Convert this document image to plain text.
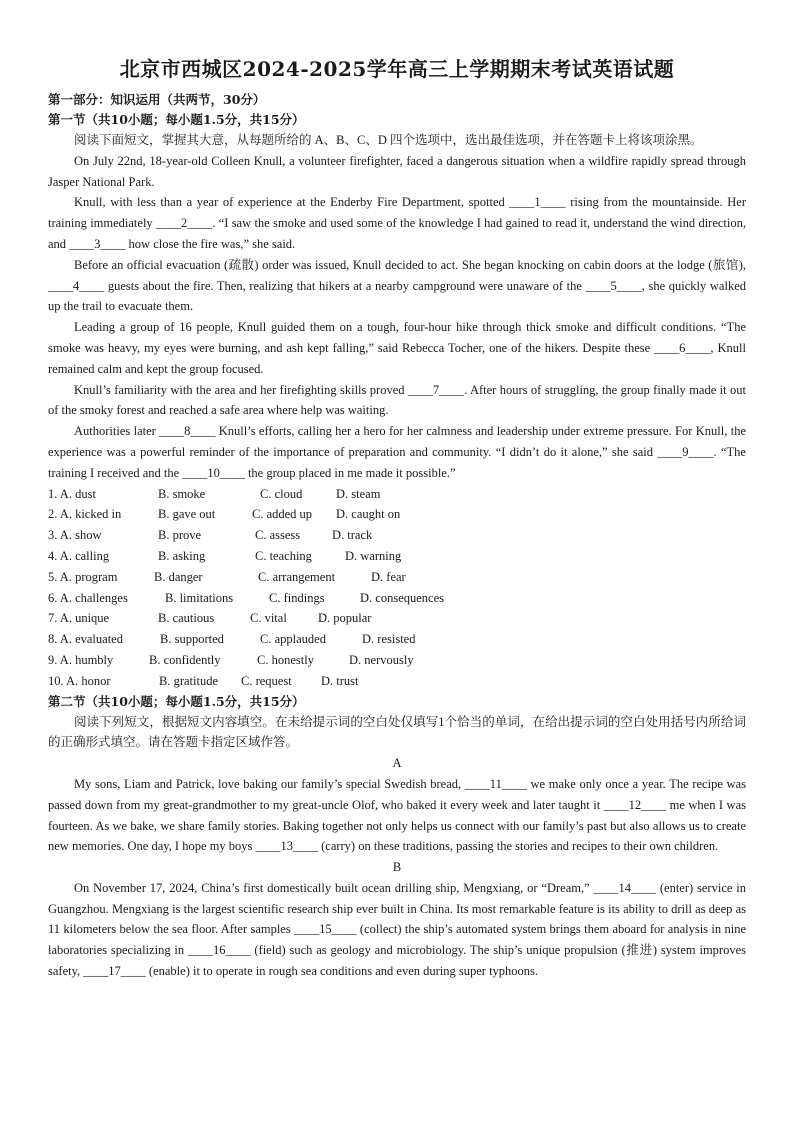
北京市西城区2024-2025学年高三上学期期末考试英语试题

第一部分：知识运用（共两节，30分）

第一节（共10小题；每小题1.5分，共15分）

阅读下面短文，掌握其大意，从每题所给的 A、B、C、D 四个选项中，选出最佳选项，并在答题卡上将该项涂黑。

On July 22nd, 18-year-old Colleen Knull, a volunteer firefighter, faced a dangerous situation when a wildfire rapidly spread through Jasper National Park.

Knull, with less than a year of experience at the Enderby Fire Department, spotted ____1____ rising from the mountainside. Her training immediately ____2____. “I saw the smoke and used some of the knowledge I had gained to read it, understand the wind direction, and ____3____ how close the fire was,” she said.

Before an official evacuation (疏散) order was issued, Knull decided to act. She began knocking on cabin doors at the lodge (旅馆), ____4____ guests about the fire. Then, realizing that hikers at a nearby campground were unaware of the ____5____, she quickly walked up the trail to evacuate them.

Leading a group of 16 people, Knull guided them on a tough, four-hour hike through thick smoke and difficult conditions. “The smoke was heavy, my eyes were burning, and ash kept falling,” said Rebecca Tocher, one of the hikers. Despite these ____6____, Knull remained calm and kept the group focused.

Knull’s familiarity with the area and her firefighting skills proved ____7____. After hours of struggling, the group finally made it out of the smoky forest and reached a safe area where help was waiting.

Authorities later ____8____ Knull’s efforts, calling her a hero for her calmness and leadership under extreme pressure. For Knull, the experience was a powerful reminder of the importance of preparation and community. “I didn’t do it alone,” she said ____9____. “The training I received and the ____10____ the group placed in me made it possible.”

1. A. dust	B. smoke	C. cloud	D. steam
2. A. kicked in	B. gave out	C. added up	D. caught on
3. A. show	B. prove	C. assess	D. track
4. A. calling	B. asking	C. teaching	D. warning
5. A. program	B. danger	C. arrangement	D. fear
6. A. challenges	B. limitations	C. findings	D. consequences
7. A. unique	B. cautious	C. vital	D. popular
8. A. evaluated	B. supported	C. applauded	D. resisted
9. A. humbly	B. confidently	C. honestly	D. nervously
10. A. honor	B. gratitude	C. request	D. trust

第二节（共10小题；每小题1.5分，共15分）

阅读下列短文，根据短文内容填空。在未给提示词的空白处仅填写1个恰当的单词，在给出提示词的空白处用括号内所给词的正确形式填空。请在答题卡指定区域作答。

A

My sons, Liam and Patrick, love baking our family’s special Swedish bread, ____11____ we make only once a year. The recipe was passed down from my great-grandmother to my great-uncle Olof, who baked it every week and later taught it ____12____ me when I was fourteen. As we bake, we share family stories. Baking together not only helps us connect with our family’s past but also allows us to create new memories. One day, I hope my boys ____13____ (carry) on these traditions, passing the stories and recipes to their own children.

B

On November 17, 2024, China’s first domestically built ocean drilling ship, Mengxiang, or “Dream,” ____14____ (enter) service in Guangzhou. Mengxiang is the largest scientific research ship ever built in China. Its most remarkable feature is its ability to drill as deep as 11 kilometers below the sea floor. After samples ____15____ (collect) the ship’s automated system brings them aboard for analysis in nine laboratories specializing in ____16____ (field) such as geology and microbiology. The ship’s unique propulsion (推进) system improves safety, ____17____ (enable) it to operate in rough sea conditions and even during super typhoons.
